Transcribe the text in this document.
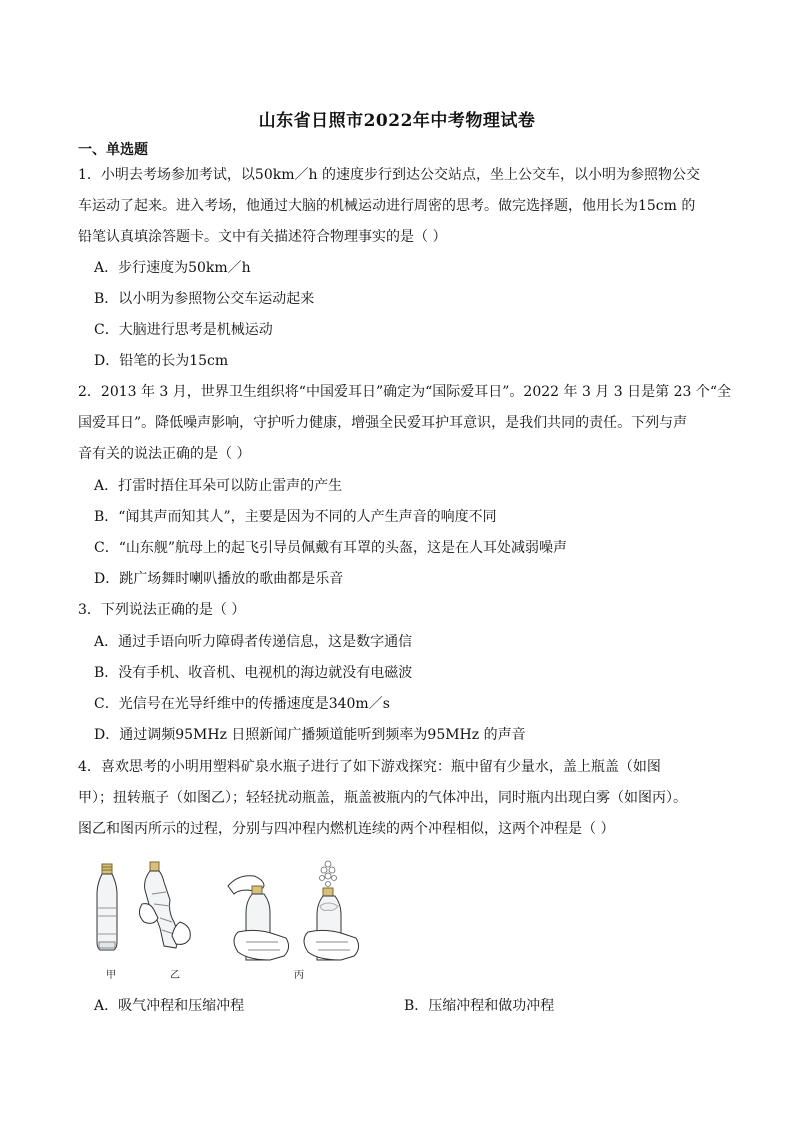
山东省日照市2022年中考物理试卷
一、单选题
1．小明去考场参加考试，以50km／h 的速度步行到达公交站点，坐上公交车，以小明为参照物公交
车运动了起来。进入考场，他通过大脑的机械运动进行周密的思考。做完选择题，他用长为15cm 的
铅笔认真填涂答题卡。文中有关描述符合物理事实的是（ ）
A．步行速度为50km／h
B．以小明为参照物公交车运动起来
C．大脑进行思考是机械运动
D．铅笔的长为15cm
2．2013 年 3 月，世界卫生组织将“中国爱耳日”确定为“国际爱耳日”。2022 年 3 月 3 日是第 23 个“全
国爱耳日”。降低噪声影响，守护听力健康，增强全民爱耳护耳意识，是我们共同的责任。下列与声
音有关的说法正确的是（ ）
A．打雷时捂住耳朵可以防止雷声的产生
B．“闻其声而知其人”，主要是因为不同的人产生声音的响度不同
C．“山东舰”航母上的起飞引导员佩戴有耳罩的头盔，这是在人耳处减弱噪声
D．跳广场舞时喇叭播放的歌曲都是乐音
3．下列说法正确的是（ ）
A．通过手语向听力障碍者传递信息，这是数字通信
B．没有手机、收音机、电视机的海边就没有电磁波
C．光信号在光导纤维中的传播速度是340m／s
D．通过调频95MHz 日照新闻广播频道能听到频率为95MHz 的声音
4．喜欢思考的小明用塑料矿泉水瓶子进行了如下游戏探究：瓶中留有少量水，盖上瓶盖（如图
甲）；扭转瓶子（如图乙）；轻轻扰动瓶盖，瓶盖被瓶内的气体冲出，同时瓶内出现白雾（如图丙）。
图乙和图丙所示的过程，分别与四冲程内燃机连续的两个冲程相似，这两个冲程是（ ）
甲	乙	丙
A．吸气冲程和压缩冲程	B．压缩冲程和做功冲程
